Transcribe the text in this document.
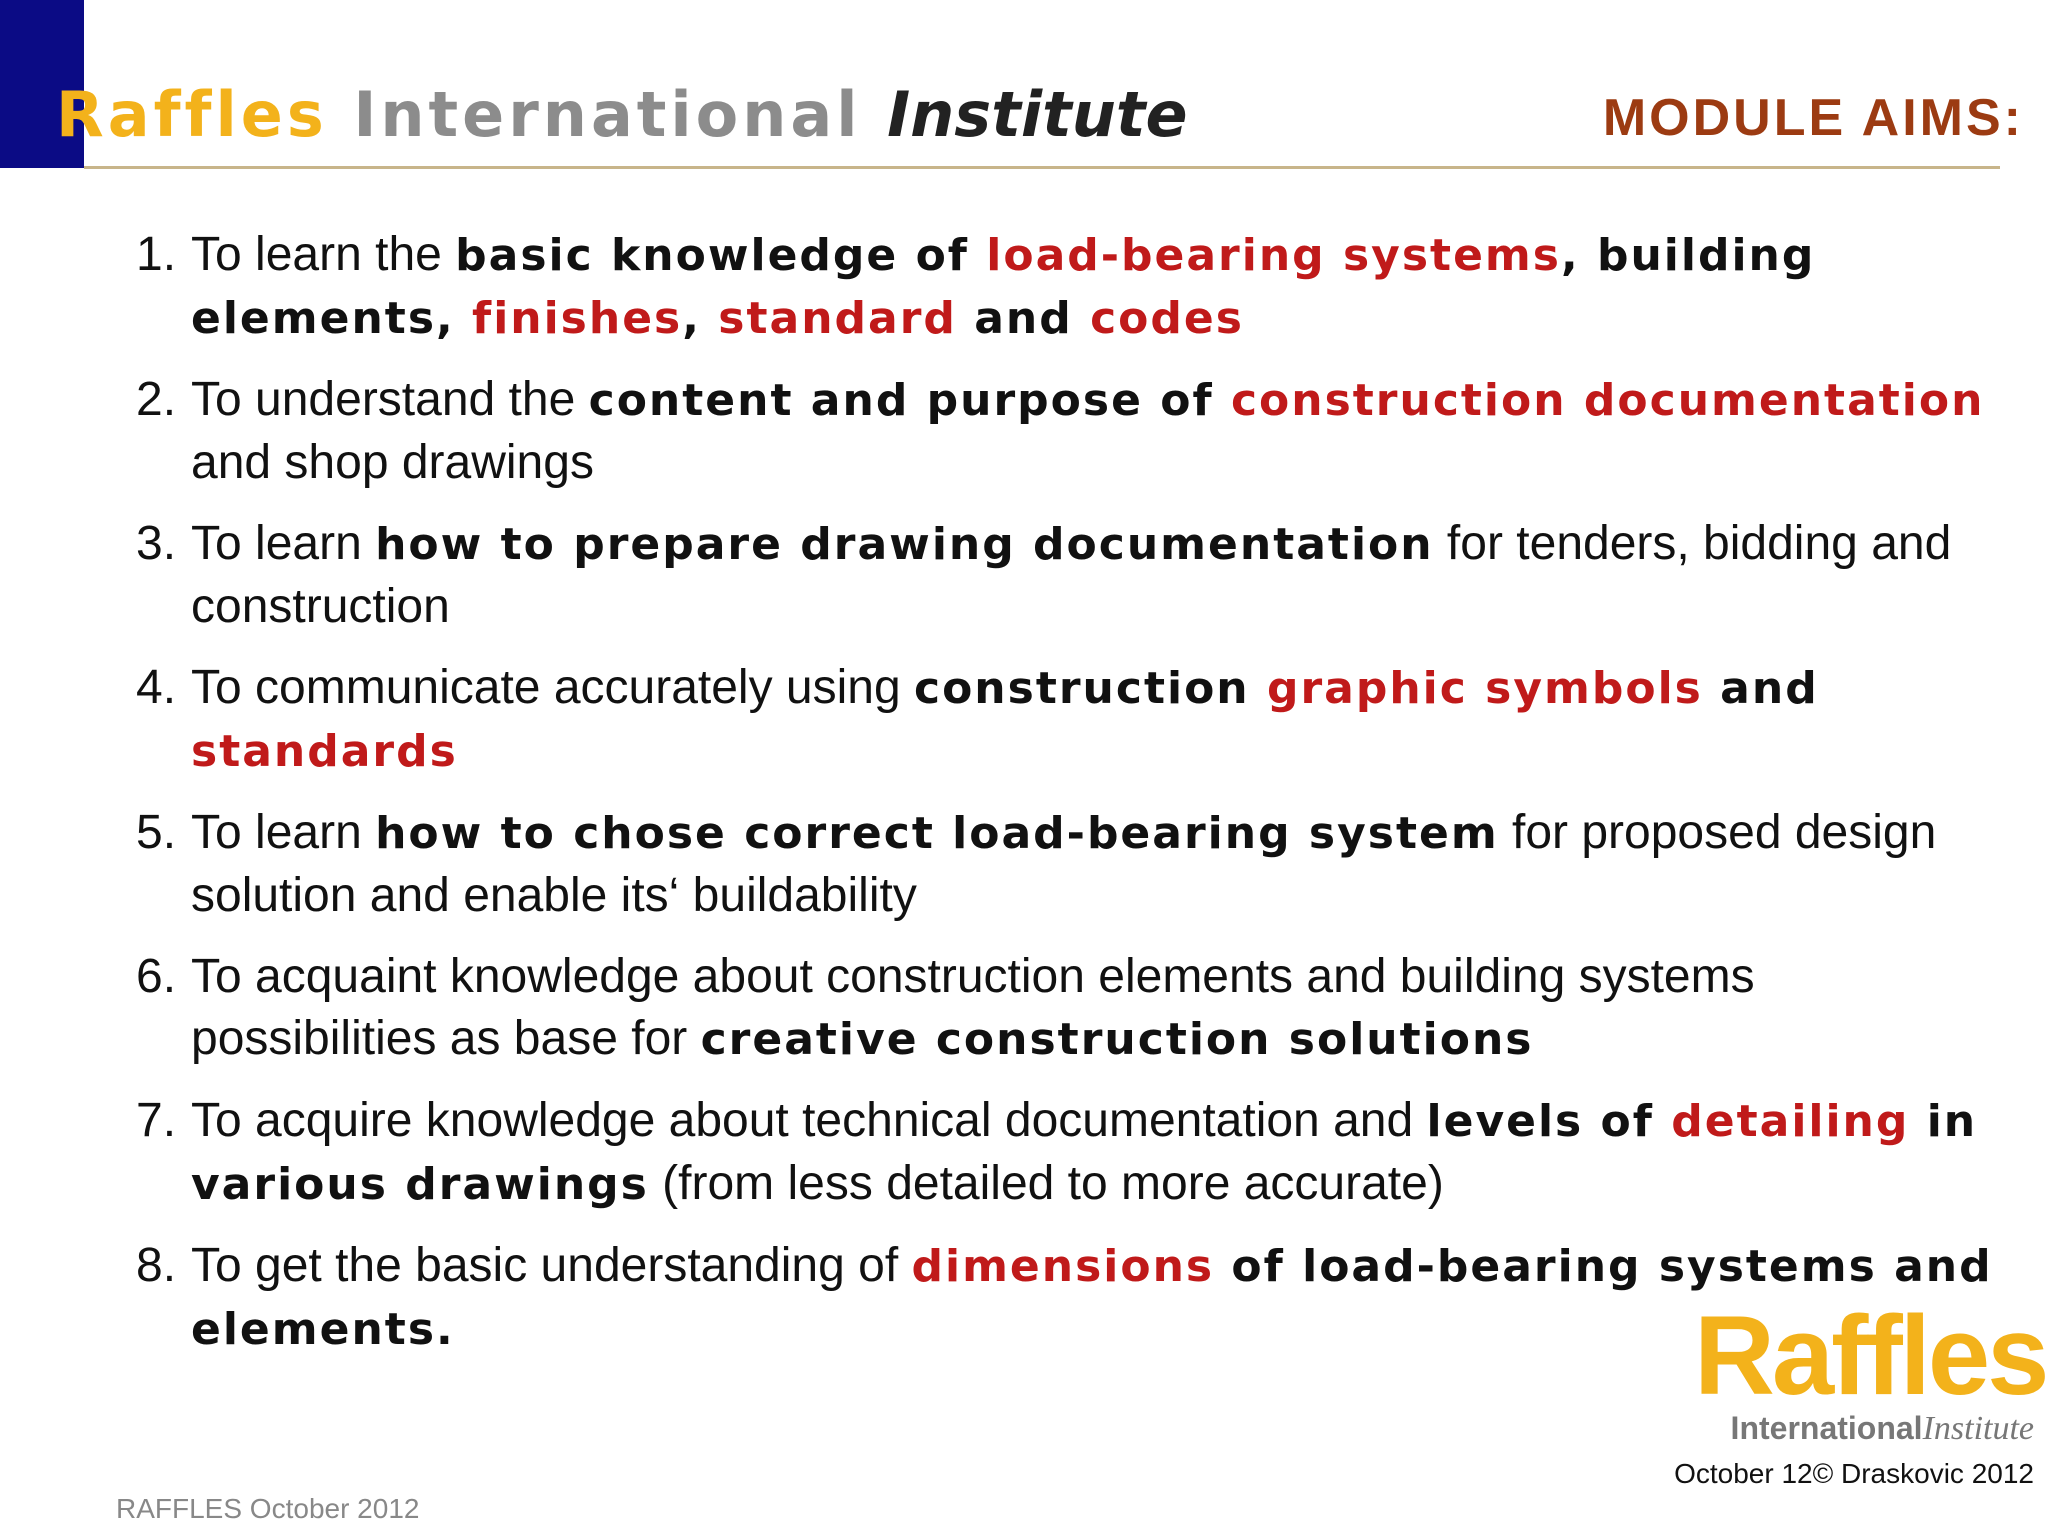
Raffles International Institute	MODULE AIMS:
1. To learn the basic knowledge of load-bearing systems, building elements, finishes, standard and codes
2. To understand the content and purpose of construction documentation and shop drawings
3. To learn how to prepare drawing documentation for tenders, bidding and construction
4. To communicate accurately using construction graphic symbols and standards
5. To learn how to chose correct load-bearing system for proposed design solution and enable its‘ buildability
6. To acquaint knowledge about construction elements and building systems possibilities as base for creative construction solutions
7. To acquire knowledge about technical documentation and levels of detailing in various drawings (from less detailed to more accurate)
8. To get the basic understanding of dimensions of load-bearing systems and elements.	Raffles
InternationalInstitute
October 12© Draskovic 2012
RAFFLES October 2012
